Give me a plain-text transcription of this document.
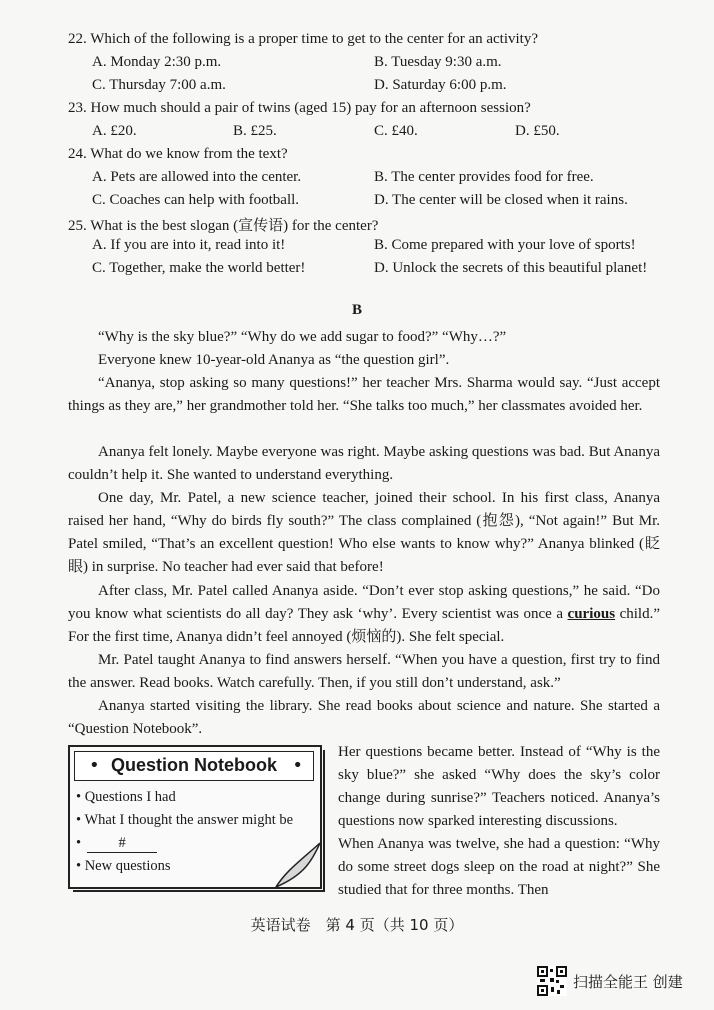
22. Which of the following is a proper time to get to the center for an activity?
A. Monday 2:30 p.m.	B. Tuesday 9:30 a.m.
C. Thursday 7:00 a.m.	D. Saturday 6:00 p.m.
23. How much should a pair of twins (aged 15) pay for an afternoon session?
A. £20.	B. £25.	C. £40.	D. £50.
24. What do we know from the text?
A. Pets are allowed into the center.	B. The center provides food for free.
C. Coaches can help with football.	D. The center will be closed when it rains.
25. What is the best slogan (宣传语) for the center?
A. If you are into it, read into it!	B. Come prepared with your love of sports!
C. Together, make the world better!	D. Unlock the secrets of this beautiful planet!
B
“Why is the sky blue?” “Why do we add sugar to food?” “Why…?”
Everyone knew 10-year-old Ananya as “the question girl”.
“Ananya, stop asking so many questions!” her teacher Mrs. Sharma would say. “Just accept things as they are,” her grandmother told her. “She talks too much,” her classmates avoided her.
Ananya felt lonely. Maybe everyone was right. Maybe asking questions was bad. But Ananya couldn’t help it. She wanted to understand everything.
One day, Mr. Patel, a new science teacher, joined their school. In his first class, Ananya raised her hand, “Why do birds fly south?” The class complained (抱怨), “Not again!” But Mr. Patel smiled, “That’s an excellent question! Who else wants to know why?” Ananya blinked (眨眼) in surprise. No teacher had ever said that before!
After class, Mr. Patel called Ananya aside. “Don’t ever stop asking questions,” he said. “Do you know what scientists do all day? They ask ‘why’. Every scientist was once a curious child.” For the first time, Ananya didn’t feel annoyed (烦恼的). She felt special.
Mr. Patel taught Ananya to find answers herself. “When you have a question, first try to find the answer. Read books. Watch carefully. Then, if you still don’t understand, ask.”
Ananya started visiting the library. She read books about science and nature. She started a “Question Notebook”.
• Question Notebook •
• Questions I had
• What I thought the answer might be
•	#
• New questions
Her questions became better. Instead of “Why is the sky blue?” she asked “Why does the sky’s color change during sunrise?” Teachers noticed. Ananya’s questions now sparked interesting discussions.
When Ananya was twelve, she had a question: “Why do some street dogs sleep on the road at night?” She studied that for three months. Then
英语试卷　第 4 页（共 10 页）
扫描全能王 创建
